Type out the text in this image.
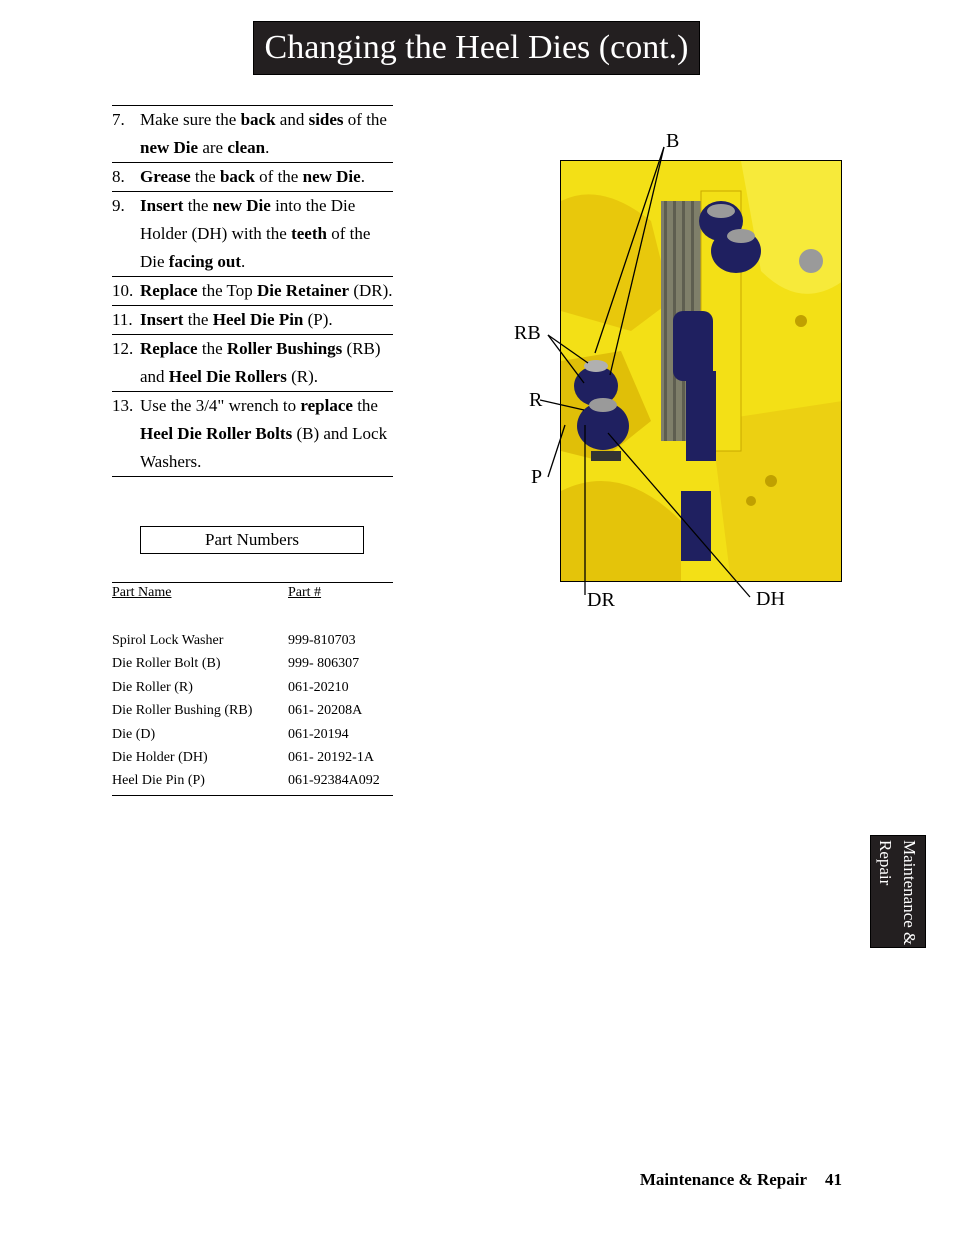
Changing the Heel Dies (cont.)
7. Make sure the back and sides of the new Die are clean.
8. Grease the back of the new Die.
9. Insert the new Die into the Die Holder (DH) with the teeth of the Die facing out.
10. Replace the Top Die Retainer (DR).
11. Insert the Heel Die Pin (P).
12. Replace the Roller Bushings (RB) and Heel Die Rollers (R).
13. Use the 3/4" wrench to replace the Heel Die Roller Bolts (B) and Lock Washers.
Part Numbers
Part Name	Part #
Spirol Lock Washer	999-810703
Die Roller Bolt (B)	999- 806307
Die Roller (R)	061-20210
Die Roller Bushing (RB)	061- 20208A
Die (D)	061-20194
Die Holder (DH)	061- 20192-1A
Heel Die Pin (P)	061-92384A092
B
RB
R
P
DR	DH
Maintenance & Repair
Maintenance & Repair 41
